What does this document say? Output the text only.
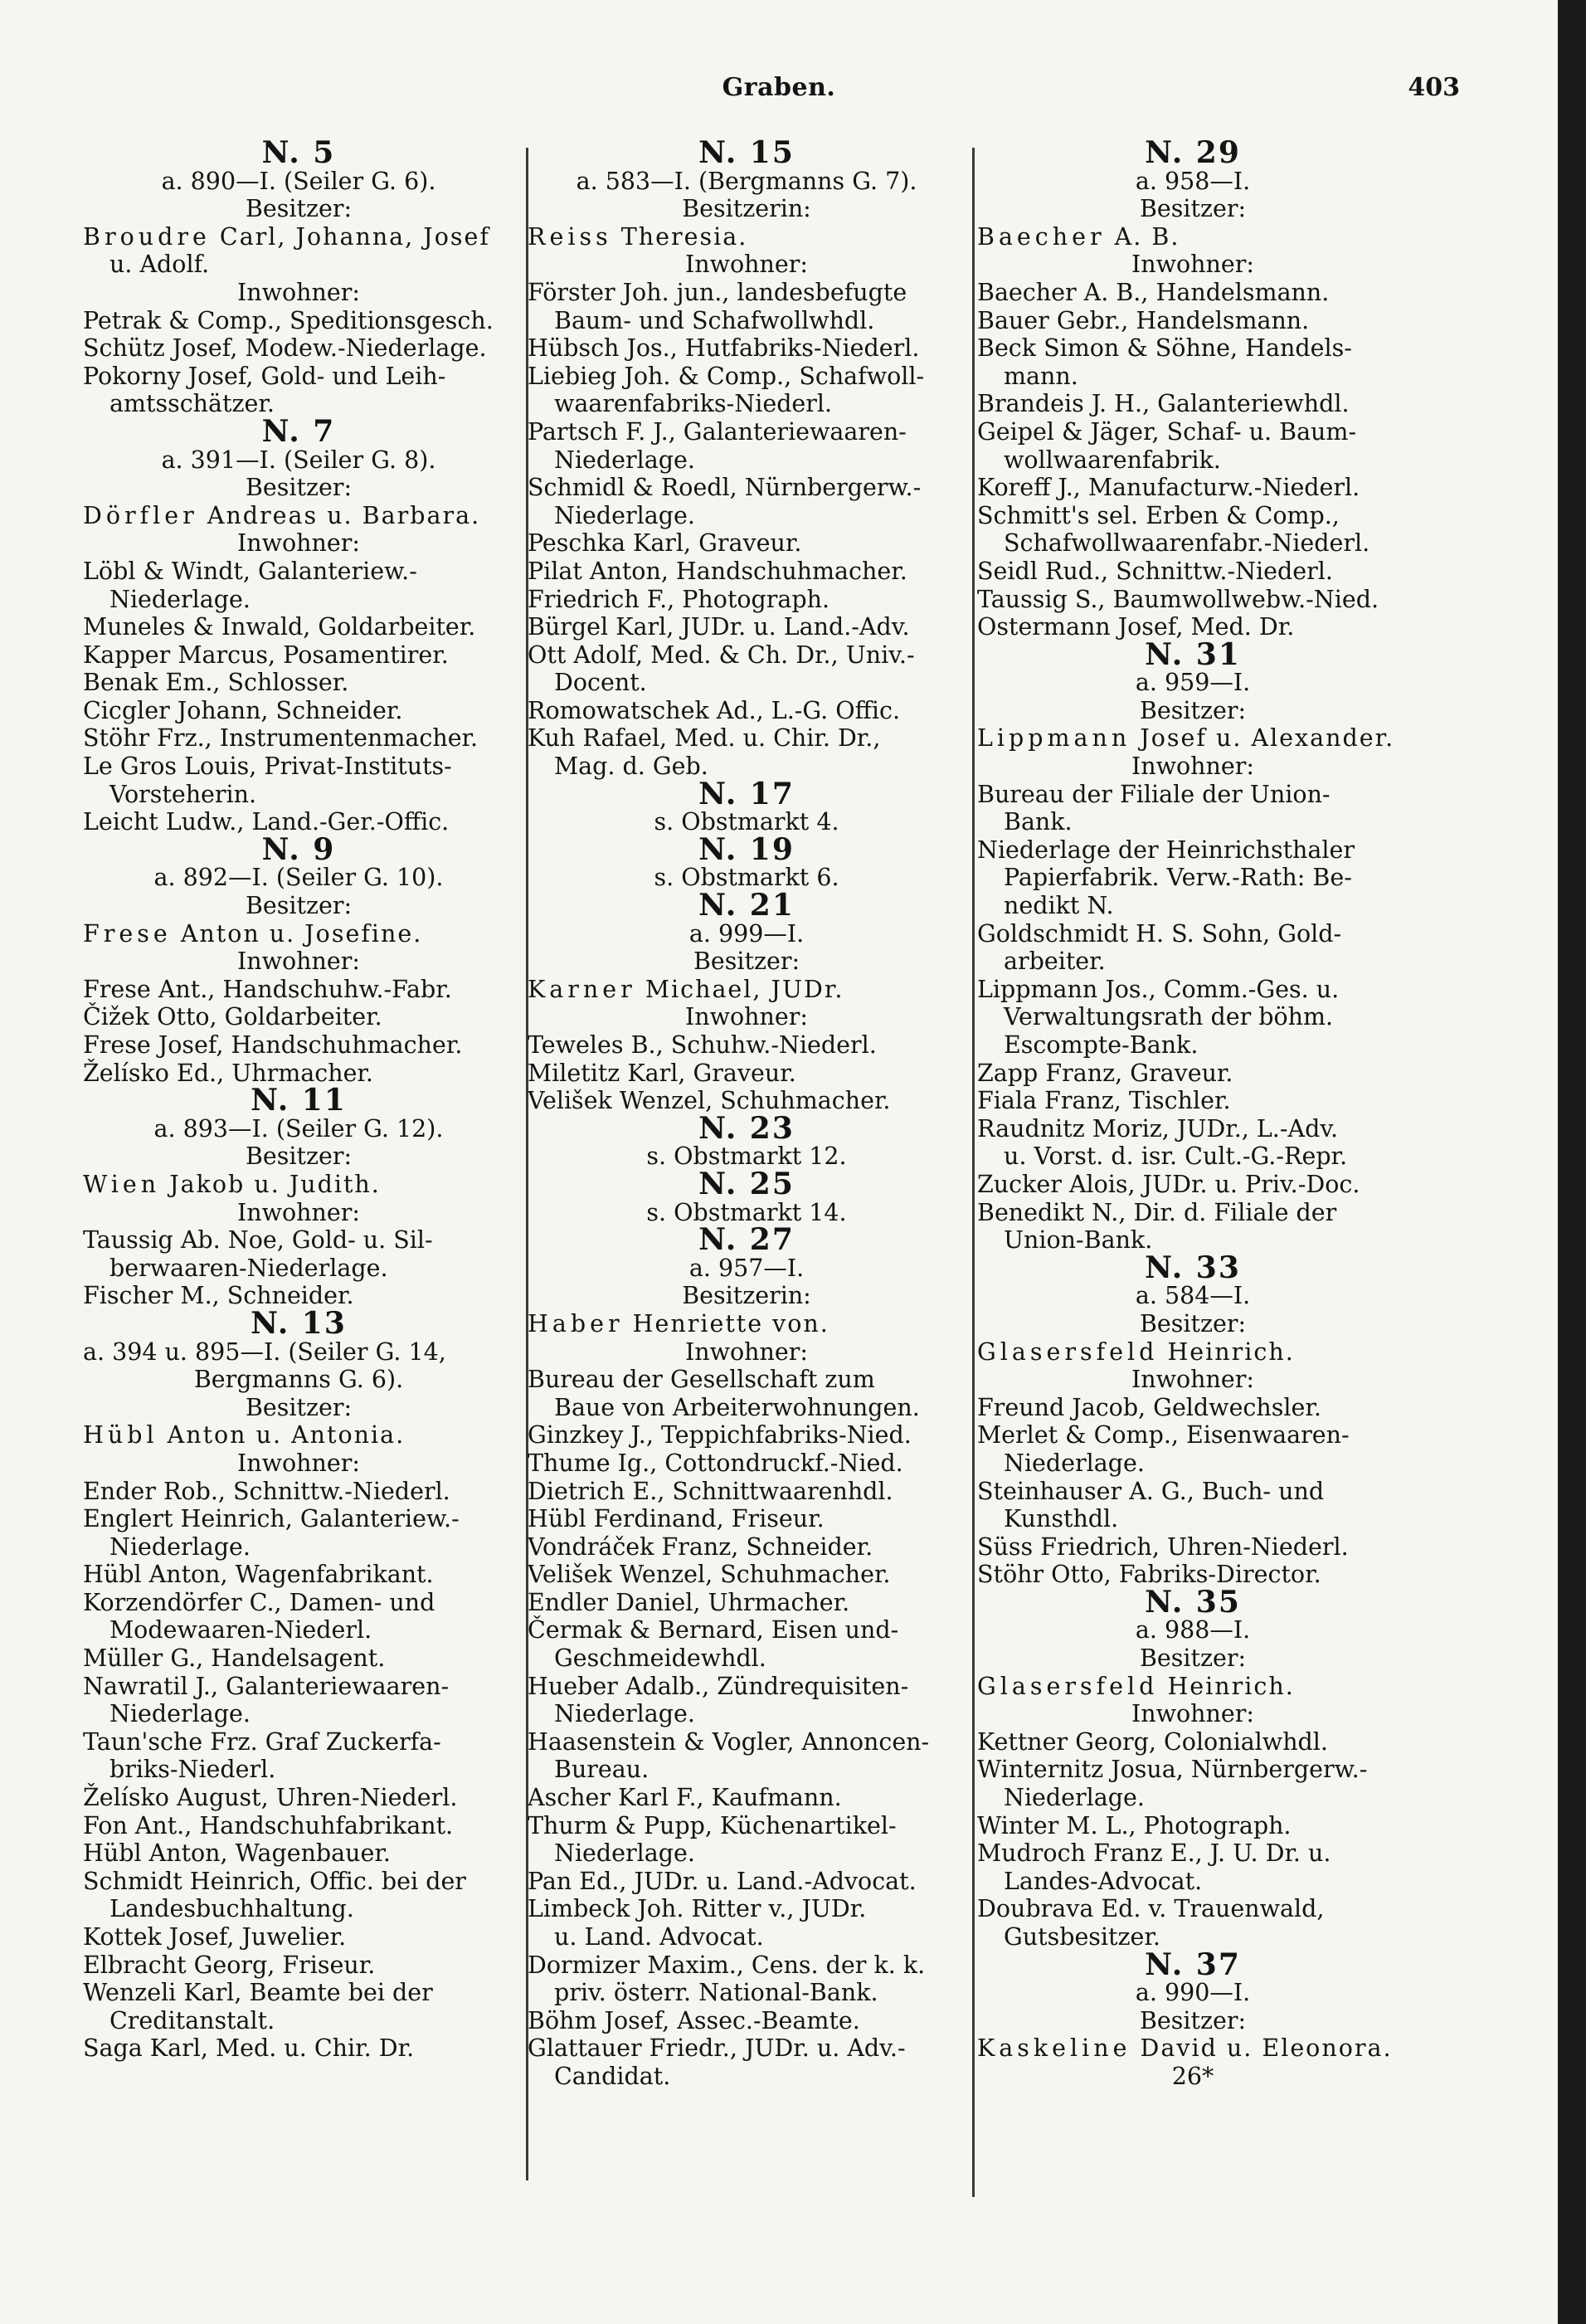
Graben.	403
N. 5
a. 890—I. (Seiler G. 6).
Besitzer:
Broudre Carl, Johanna, Josef
u. Adolf.
Inwohner:
Petrak & Comp., Speditionsgesch.
Schütz Josef, Modew.-Niederlage.
Pokorny Josef, Gold- und Leih-
amtsschätzer.
N. 7
a. 391—I. (Seiler G. 8).
Besitzer:
Dörfler Andreas u. Barbara.
Inwohner:
Löbl & Windt, Galanteriew.-
Niederlage.
Muneles & Inwald, Goldarbeiter.
Kapper Marcus, Posamentirer.
Benak Em., Schlosser.
Cicgler Johann, Schneider.
Stöhr Frz., Instrumentenmacher.
Le Gros Louis, Privat-Instituts-
Vorsteherin.
Leicht Ludw., Land.-Ger.-Offic.
N. 9
a. 892—I. (Seiler G. 10).
Besitzer:
Frese Anton u. Josefine.
Inwohner:
Frese Ant., Handschuhw.-Fabr.
Čižek Otto, Goldarbeiter.
Frese Josef, Handschuhmacher.
Želísko Ed., Uhrmacher.
N. 11
a. 893—I. (Seiler G. 12).
Besitzer:
Wien Jakob u. Judith.
Inwohner:
Taussig Ab. Noe, Gold- u. Sil-
berwaaren-Niederlage.
Fischer M., Schneider.
N. 13
a. 394 u. 895—I. (Seiler G. 14,
Bergmanns G. 6).
Besitzer:
Hübl Anton u. Antonia.
Inwohner:
Ender Rob., Schnittw.-Niederl.
Englert Heinrich, Galanteriew.-
Niederlage.
Hübl Anton, Wagenfabrikant.
Korzendörfer C., Damen- und
Modewaaren-Niederl.
Müller G., Handelsagent.
Nawratil J., Galanteriewaaren-
Niederlage.
Taun'sche Frz. Graf Zuckerfa-
briks-Niederl.
Želísko August, Uhren-Niederl.
Fon Ant., Handschuhfabrikant.
Hübl Anton, Wagenbauer.
Schmidt Heinrich, Offic. bei der
Landesbuchhaltung.
Kottek Josef, Juwelier.
Elbracht Georg, Friseur.
Wenzeli Karl, Beamte bei der
Creditanstalt.
Saga Karl, Med. u. Chir. Dr.
N. 15
a. 583—I. (Bergmanns G. 7).
Besitzerin:
Reiss Theresia.
Inwohner:
Förster Joh. jun., landesbefugte
Baum- und Schafwollwhdl.
Hübsch Jos., Hutfabriks-Niederl.
Liebieg Joh. & Comp., Schafwoll-
waarenfabriks-Niederl.
Partsch F. J., Galanteriewaaren-
Niederlage.
Schmidl & Roedl, Nürnbergerw.-
Niederlage.
Peschka Karl, Graveur.
Pilat Anton, Handschuhmacher.
Friedrich F., Photograph.
Bürgel Karl, JUDr. u. Land.-Adv.
Ott Adolf, Med. & Ch. Dr., Univ.-
Docent.
Romowatschek Ad., L.-G. Offic.
Kuh Rafael, Med. u. Chir. Dr.,
Mag. d. Geb.
N. 17
s. Obstmarkt 4.
N. 19
s. Obstmarkt 6.
N. 21
a. 999—I.
Besitzer:
Karner Michael, JUDr.
Inwohner:
Teweles B., Schuhw.-Niederl.
Miletitz Karl, Graveur.
Velišek Wenzel, Schuhmacher.
N. 23
s. Obstmarkt 12.
N. 25
s. Obstmarkt 14.
N. 27
a. 957—I.
Besitzerin:
Haber Henriette von.
Inwohner:
Bureau der Gesellschaft zum
Baue von Arbeiterwohnungen.
Ginzkey J., Teppichfabriks-Nied.
Thume Ig., Cottondruckf.-Nied.
Dietrich E., Schnittwaarenhdl.
Hübl Ferdinand, Friseur.
Vondráček Franz, Schneider.
Velišek Wenzel, Schuhmacher.
Endler Daniel, Uhrmacher.
Čermak & Bernard, Eisen und-
Geschmeidewhdl.
Hueber Adalb., Zündrequisiten-
Niederlage.
Haasenstein & Vogler, Annoncen-
Bureau.
Ascher Karl F., Kaufmann.
Thurm & Pupp, Küchenartikel-
Niederlage.
Pan Ed., JUDr. u. Land.-Advocat.
Limbeck Joh. Ritter v., JUDr.
u. Land. Advocat.
Dormizer Maxim., Cens. der k. k.
priv. österr. National-Bank.
Böhm Josef, Assec.-Beamte.
Glattauer Friedr., JUDr. u. Adv.-
Candidat.
N. 29
a. 958—I.
Besitzer:
Baecher A. B.
Inwohner:
Baecher A. B., Handelsmann.
Bauer Gebr., Handelsmann.
Beck Simon & Söhne, Handels-
mann.
Brandeis J. H., Galanteriewhdl.
Geipel & Jäger, Schaf- u. Baum-
wollwaarenfabrik.
Koreff J., Manufacturw.-Niederl.
Schmitt's sel. Erben & Comp.,
Schafwollwaarenfabr.-Niederl.
Seidl Rud., Schnittw.-Niederl.
Taussig S., Baumwollwebw.-Nied.
Ostermann Josef, Med. Dr.
N. 31
a. 959—I.
Besitzer:
Lippmann Josef u. Alexander.
Inwohner:
Bureau der Filiale der Union-
Bank.
Niederlage der Heinrichsthaler
Papierfabrik. Verw.-Rath: Be-
nedikt N.
Goldschmidt H. S. Sohn, Gold-
arbeiter.
Lippmann Jos., Comm.-Ges. u.
Verwaltungsrath der böhm.
Escompte-Bank.
Zapp Franz, Graveur.
Fiala Franz, Tischler.
Raudnitz Moriz, JUDr., L.-Adv.
u. Vorst. d. isr. Cult.-G.-Repr.
Zucker Alois, JUDr. u. Priv.-Doc.
Benedikt N., Dir. d. Filiale der
Union-Bank.
N. 33
a. 584—I.
Besitzer:
Glasersfeld Heinrich.
Inwohner:
Freund Jacob, Geldwechsler.
Merlet & Comp., Eisenwaaren-
Niederlage.
Steinhauser A. G., Buch- und
Kunsthdl.
Süss Friedrich, Uhren-Niederl.
Stöhr Otto, Fabriks-Director.
N. 35
a. 988—I.
Besitzer:
Glasersfeld Heinrich.
Inwohner:
Kettner Georg, Colonialwhdl.
Winternitz Josua, Nürnbergerw.-
Niederlage.
Winter M. L., Photograph.
Mudroch Franz E., J. U. Dr. u.
Landes-Advocat.
Doubrava Ed. v. Trauenwald,
Gutsbesitzer.
N. 37
a. 990—I.
Besitzer:
Kaskeline David u. Eleonora.
26*
